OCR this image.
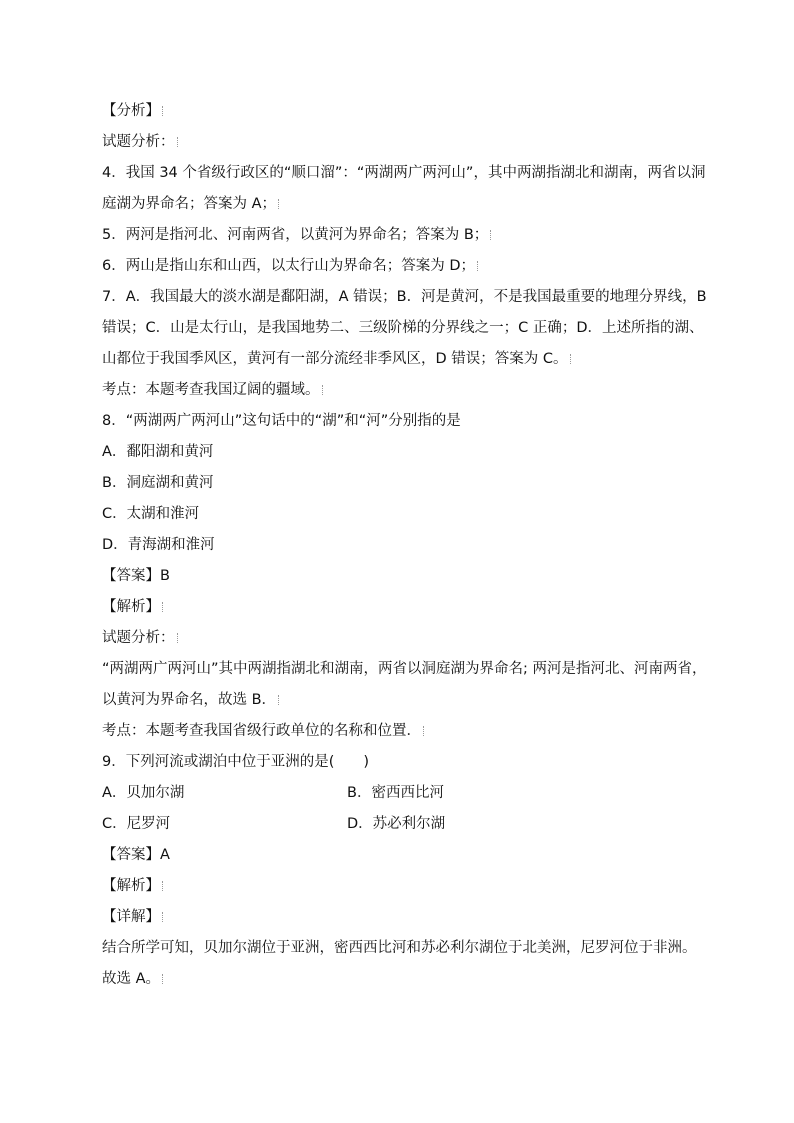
【分析】
试题分析：
4．我国 34 个省级行政区的“顺口溜”：“两湖两广两河山”，其中两湖指湖北和湖南，两省以洞
庭湖为界命名；答案为 A；
5．两河是指河北、河南两省，以黄河为界命名；答案为 B；
6．两山是指山东和山西，以太行山为界命名；答案为 D；
7．A．我国最大的淡水湖是鄱阳湖，A 错误；B．河是黄河，不是我国最重要的地理分界线，B
错误；C．山是太行山，是我国地势二、三级阶梯的分界线之一；C 正确；D．上述所指的湖、
山都位于我国季风区，黄河有一部分流经非季风区，D 错误；答案为 C。
考点：本题考查我国辽阔的疆域。
8．“两湖两广两河山”这句话中的“湖”和“河”分别指的是
A．鄱阳湖和黄河
B．洞庭湖和黄河
C．太湖和淮河
D．青海湖和淮河
【答案】B
【解析】
试题分析：
“两湖两广两河山”其中两湖指湖北和湖南，两省以洞庭湖为界命名; 两河是指河北、河南两省，
以黄河为界命名，故选 B．
考点：本题考查我国省级行政单位的名称和位置．
9．下列河流或湖泊中位于亚洲的是(　　)
A．贝加尔湖	B．密西西比河
C．尼罗河	D．苏必利尔湖
【答案】A
【解析】
【详解】
结合所学可知，贝加尔湖位于亚洲，密西西比河和苏必利尔湖位于北美洲，尼罗河位于非洲。
故选 A。
